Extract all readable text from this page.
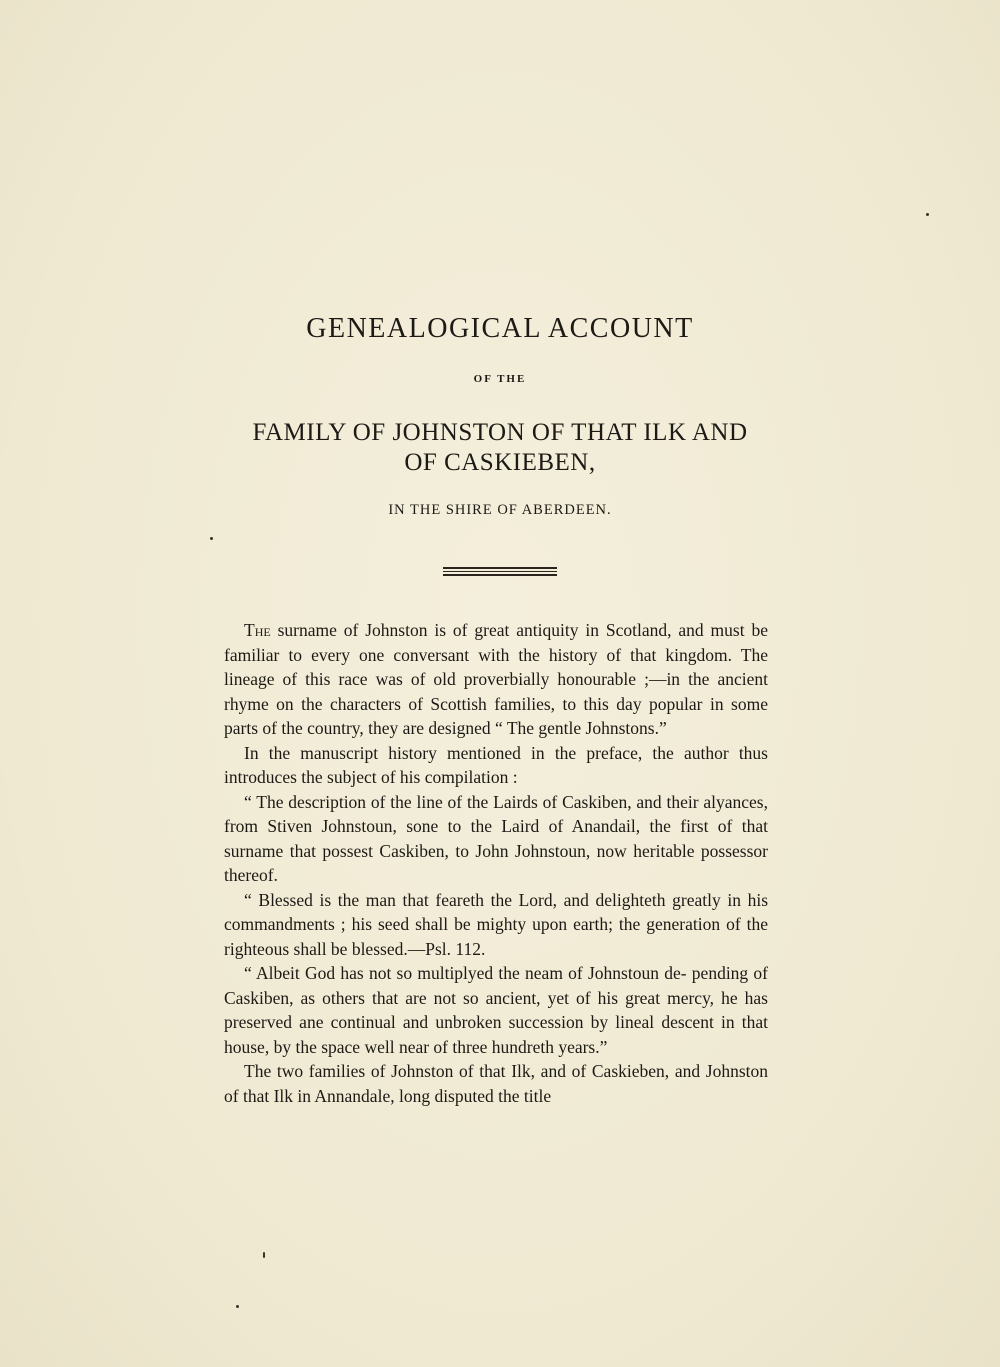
GENEALOGICAL ACCOUNT
OF THE
FAMILY OF JOHNSTON OF THAT ILK AND
OF CASKIEBEN,
IN THE SHIRE OF ABERDEEN.

The surname of Johnston is of great antiquity in Scotland, and must be familiar to every one conversant with the history of that kingdom. The lineage of this race was of old proverbially honourable ;—in the ancient rhyme on the characters of Scottish families, to this day popular in some parts of the country, they are designed “ The gentle Johnstons.”

In the manuscript history mentioned in the preface, the author thus introduces the subject of his compilation :

“ The description of the line of the Lairds of Caskiben, and their alyances, from Stiven Johnstoun, sone to the Laird of Anandail, the first of that surname that possest Caskiben, to John Johnstoun, now heritable possessor thereof.

“ Blessed is the man that feareth the Lord, and delighteth greatly in his commandments ; his seed shall be mighty upon earth; the generation of the righteous shall be blessed.—Psl. 112.

“ Albeit God has not so multiplyed the neam of Johnstoun de- pending of Caskiben, as others that are not so ancient, yet of his great mercy, he has preserved ane continual and unbroken succession by lineal descent in that house, by the space well near of three hundreth years.”

The two families of Johnston of that Ilk, and of Caskieben, and Johnston of that Ilk in Annandale, long disputed the title
